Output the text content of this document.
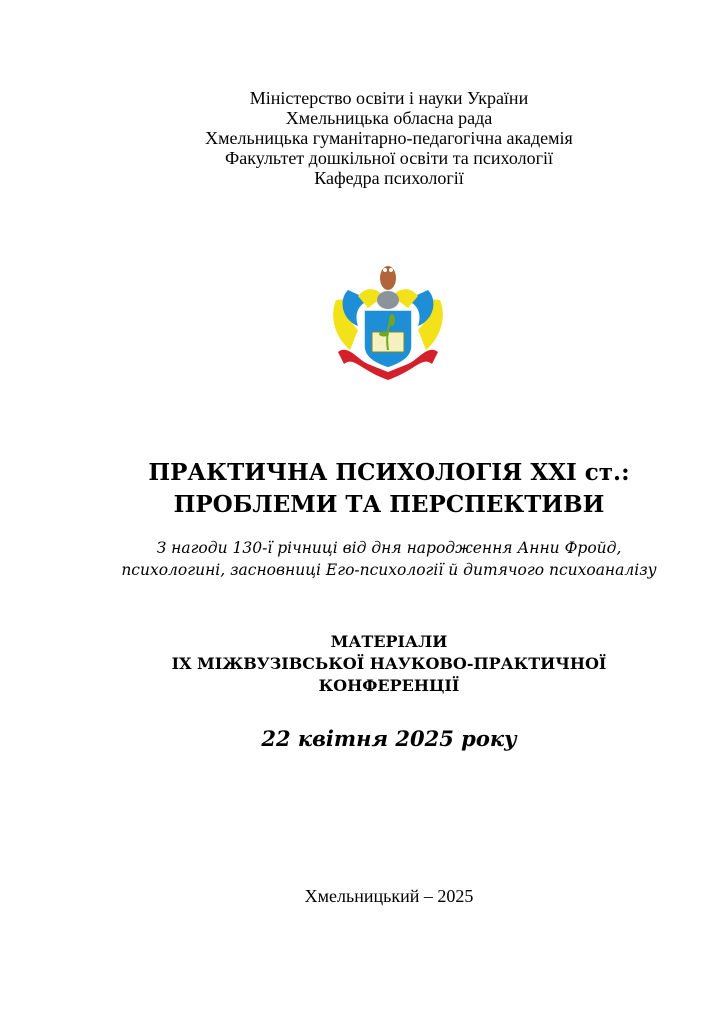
Міністерство освіти і науки України
Хмельницька обласна рада
Хмельницька гуманітарно-педагогічна академія
Факультет дошкільної освіти та психології
Кафедра психології
ПРАКТИЧНА ПСИХОЛОГІЯ XXI ст.:
ПРОБЛЕМИ ТА ПЕРСПЕКТИВИ
З нагоди 130-ї річниці від дня народження Анни Фройд,
психологині, засновниці Его-психології й дитячого психоаналізу
МАТЕРІАЛИ
IX МІЖВУЗІВСЬКОЇ НАУКОВО-ПРАКТИЧНОЇ
КОНФЕРЕНЦІЇ
22 квітня 2025 року
Хмельницький – 2025
